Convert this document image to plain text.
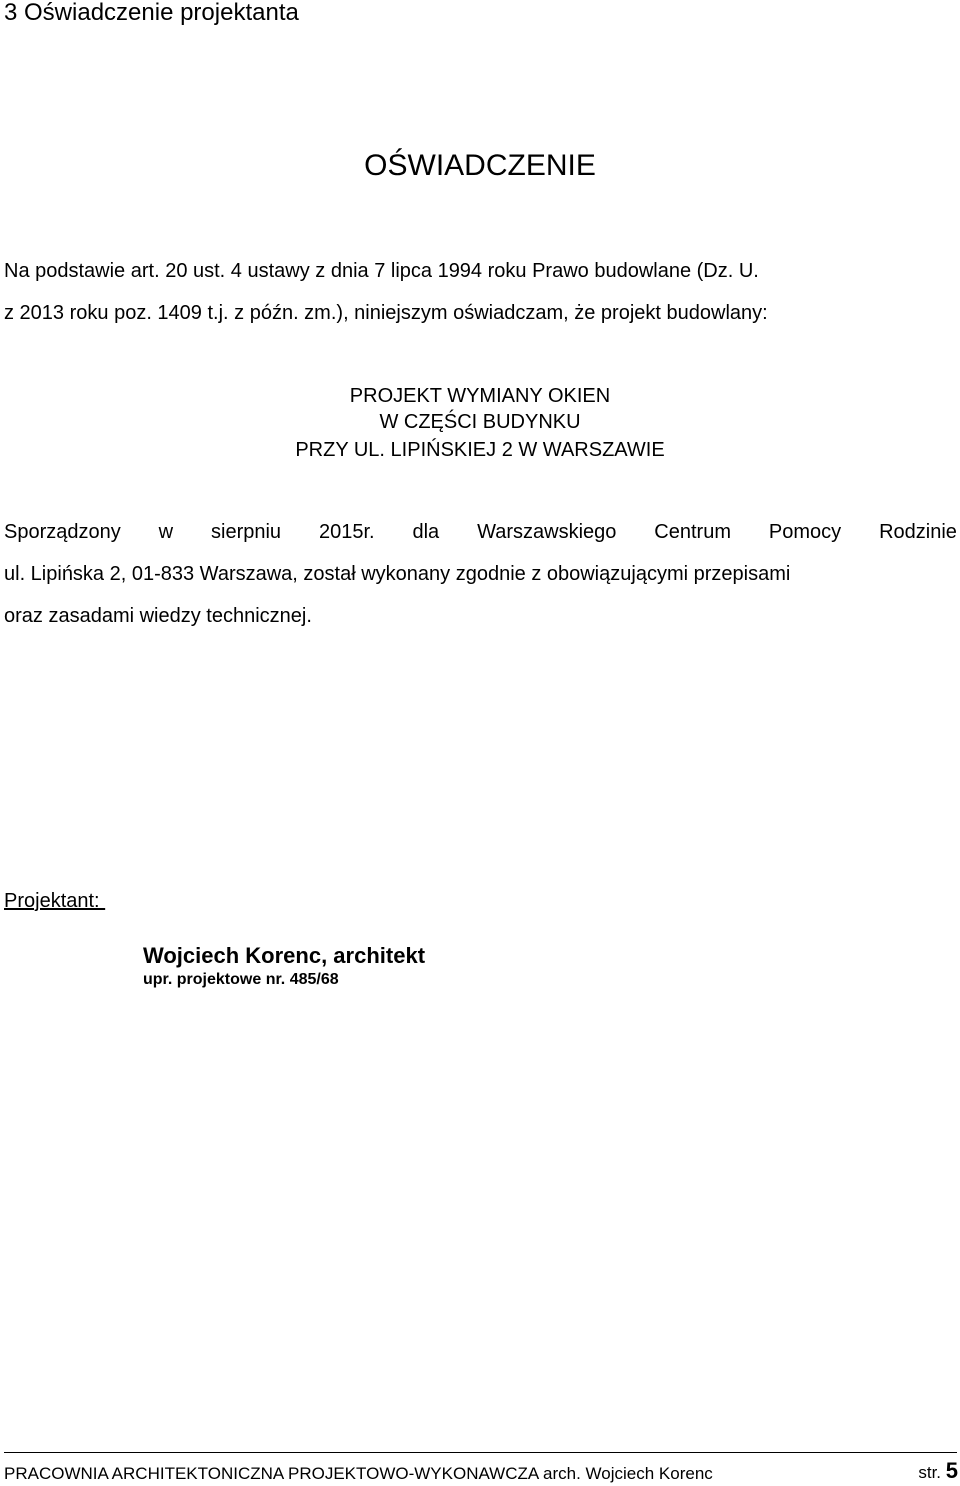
3 Oświadczenie projektanta
OŚWIADCZENIE
Na podstawie art. 20 ust. 4 ustawy z dnia 7 lipca 1994 roku Prawo budowlane (Dz. U.
z 2013 roku poz. 1409 t.j. z późn. zm.), niniejszym oświadczam, że projekt budowlany:
PROJEKT WYMIANY OKIEN
W CZĘŚCI BUDYNKU
PRZY UL. LIPIŃSKIEJ 2 W WARSZAWIE
Sporządzony w sierpniu 2015r. dla Warszawskiego Centrum Pomocy Rodzinie
ul. Lipińska 2, 01-833 Warszawa, został wykonany zgodnie z obowiązującymi przepisami
oraz zasadami wiedzy technicznej.
Projektant:
Wojciech Korenc, architekt
upr. projektowe nr. 485/68
PRACOWNIA ARCHITEKTONICZNA PROJEKTOWO-WYKONAWCZA arch. Wojciech Korenc	str. 5
